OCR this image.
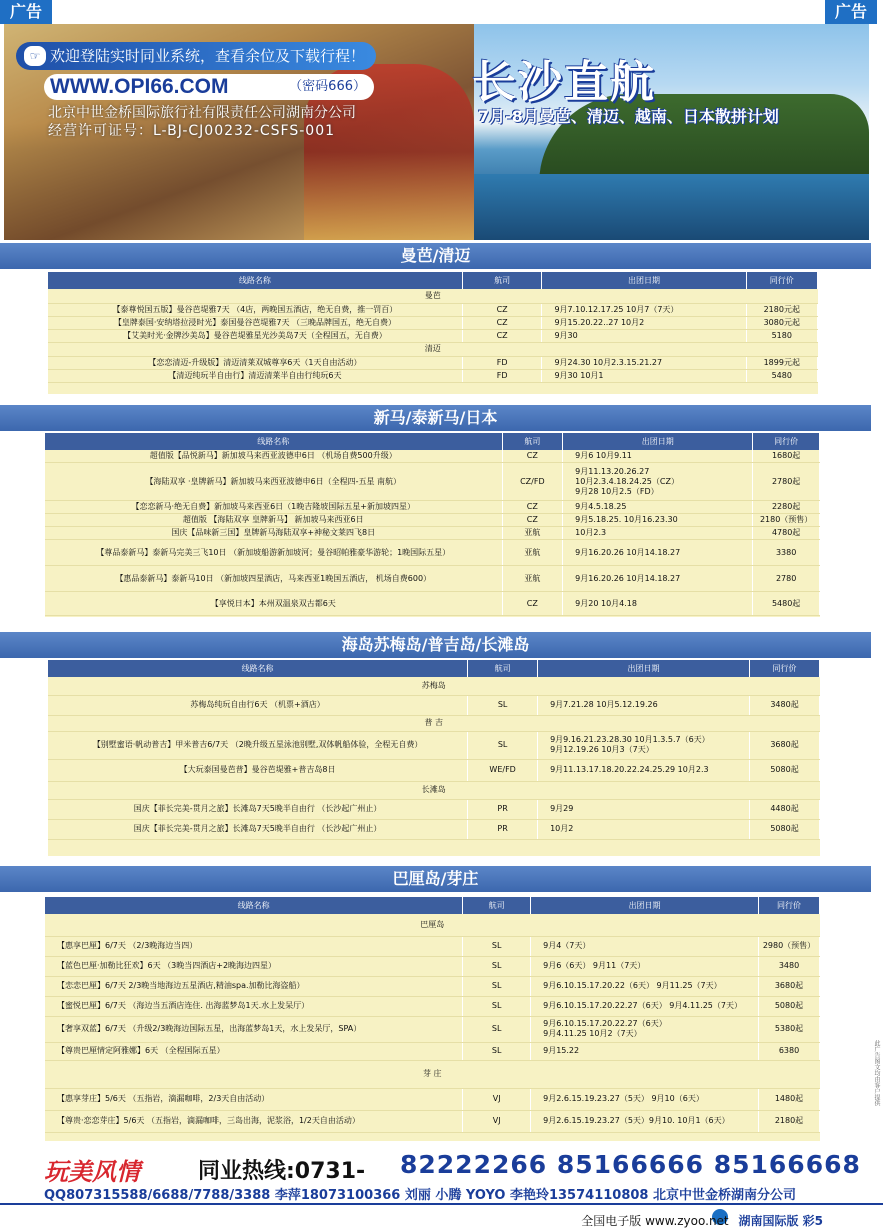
广告	广告
欢迎登陆实时同业系统，查看余位及下载行程！
☞
WWW.OPI66.COM	（密码666）
北京中世金桥国际旅行社有限责任公司湖南分公司
经营许可证号：L-BJ-CJ00232-CSFS-001
长沙直航
7月-8月曼芭、清迈、越南、日本散拼计划
曼芭/清迈
线路名称	航司	出团日期	同行价
曼芭			
【泰尊悦国五版】曼谷芭堤雅7天 （4店，两晚国五酒店，绝无自费，推一罚百）	CZ	9月7.10.12.17.25 10月7（7天）	2180元起
【皇牌泰国·安纳塔拉浸时光】泰国曼谷芭堤雅7天 （三晚品牌国五，绝无自费）	CZ	9月15.20.22..27 10月2	3080元起
【艾美时光·金牌沙美岛】曼谷芭堤雅星光沙美岛7天（全程国五，无自费）	CZ	9月30	5180
清迈			
【恋恋清迈-升级版】清迈清莱双城尊享6天（1天自由活动）	FD	9月24.30 10月2.3.15.21.27	1899元起
【清迈纯玩半自由行】清迈清莱半自由行纯玩6天	FD	9月30 10月1	5480
新马/泰新马/日本
线路名称	航司	出团日期	同行价
超值版【品悦新马】新加坡马来西亚波德申6日 （机场自费500升级）	CZ	9月6 10月9.11	1680起
【海陆双享 ·皇牌新马】新加坡马来西亚波德申6日（全程四-五星 南航）	CZ/FD	9月11.13.20.26.27
10月2.3.4.18.24.25（CZ）
9月28 10月2.5（FD）	2780起
【恋恋新马·绝无自费】新加坡马来西亚6日（1晚吉隆坡国际五星+新加坡四星）	CZ	9月4.5.18.25	2280起
超值版 【海陆双享 皇牌新马】 新加坡马来西亚6日	CZ	9月5.18.25. 10月16.23.30	2180（预售）
国庆【品味新三国】皇牌新马海陆双享+神秘文莱四飞8日	亚航	10月2.3	4780起
【尊品泰新马】泰新马完美三飞10日 （新加坡船游新加坡河；曼谷昭帕雅豪华游轮；1晚国际五星）	亚航	9月16.20.26 10月14.18.27	3380
【惠品泰新马】泰新马10日 （新加坡四星酒店，马来西亚1晚国五酒店， 机场自费600）	亚航	9月16.20.26 10月14.18.27	2780
【享悦日本】本州双温泉双古都6天	CZ	9月20 10月4.18	5480起
海岛苏梅岛/普吉岛/长滩岛
线路名称	航司	出团日期	同行价
苏梅岛			
苏梅岛纯玩自由行6天 （机票+酒店）	SL	9月7.21.28 10月5.12.19.26	3480起
普 吉			
【别墅蜜语·帆动普吉】甲米普吉6/7天 （2晚升级五星泳池别墅,双体帆船体验，全程无自费）	SL	9月9.16.21.23.28.30 10月1.3.5.7（6天）
9月12.19.26 10月3（7天）	3680起
【大玩泰国曼芭普】曼谷芭堤雅+普吉岛8日	WE/FD	9月11.13.17.18.20.22.24.25.29 10月2.3	5080起
长滩岛			
国庆【菲长完美-贯月之旅】长滩岛7天5晚半自由行 （长沙起广州止）	PR	9月29	4480起
国庆【菲长完美-贯月之旅】长滩岛7天5晚半自由行 （长沙起广州止）	PR	10月2	5080起
巴厘岛/芽庄
线路名称	航司	出团日期	同行价
巴厘岛			
【惠享巴厘】6/7天 （2/3晚海边当四）	SL	9月4（7天）	2980（预售）
【蓝色巴厘·加勒比狂欢】6天 （3晚当四酒店+2晚海边四星）	SL	9月6（6天） 9月11（7天）	3480
【恋恋巴厘】6/7天 2/3晚当地海边五星酒店,精油spa.加勒比海盗船）	SL	9月6.10.15.17.20.22（6天） 9月11.25（7天）	3680起
【蜜悦巴厘】6/7天 （海边当五酒店连住. 出海蓝梦岛1天.水上发呆厅）	SL	9月6.10.15.17.20.22.27（6天） 9月4.11.25（7天）	5080起
【奢享双蓝】6/7天 （升级2/3晚海边国际五星，出海蓝梦岛1天，水上发呆厅，SPA）	SL	9月6.10.15.17.20.22.27（6天）
9月4.11.25 10月2（7天）	5380起
【尊贵巴厘情定阿雅娜】6天 （全程国际五星）	SL	9月15.22	6380
芽 庄			
【惠享芽庄】5/6天 （五指岩，滴漏咖啡，2/3天自由活动）	VJ	9月2.6.15.19.23.27（5天） 9月10（6天）	1480起
【尊贵·恋恋芽庄】5/6天 （五指岩，滴漏咖啡，三岛出海，泥浆浴，1/2天自由活动）	VJ	9月2.6.15.19.23.27（5天）9月10. 10月1（6天）	2180起
玩美风情	同业热线:0731- 82222266 85166666 85166668
QQ807315588/6688/7788/3388 李萍18073100366 刘丽 小腾 YOYO 李艳玲13574110808 北京中世金桥湖南分公司
全国电子版 www.zyoo.net 湖南国际版 彩5
此广告图文均由客户提供
